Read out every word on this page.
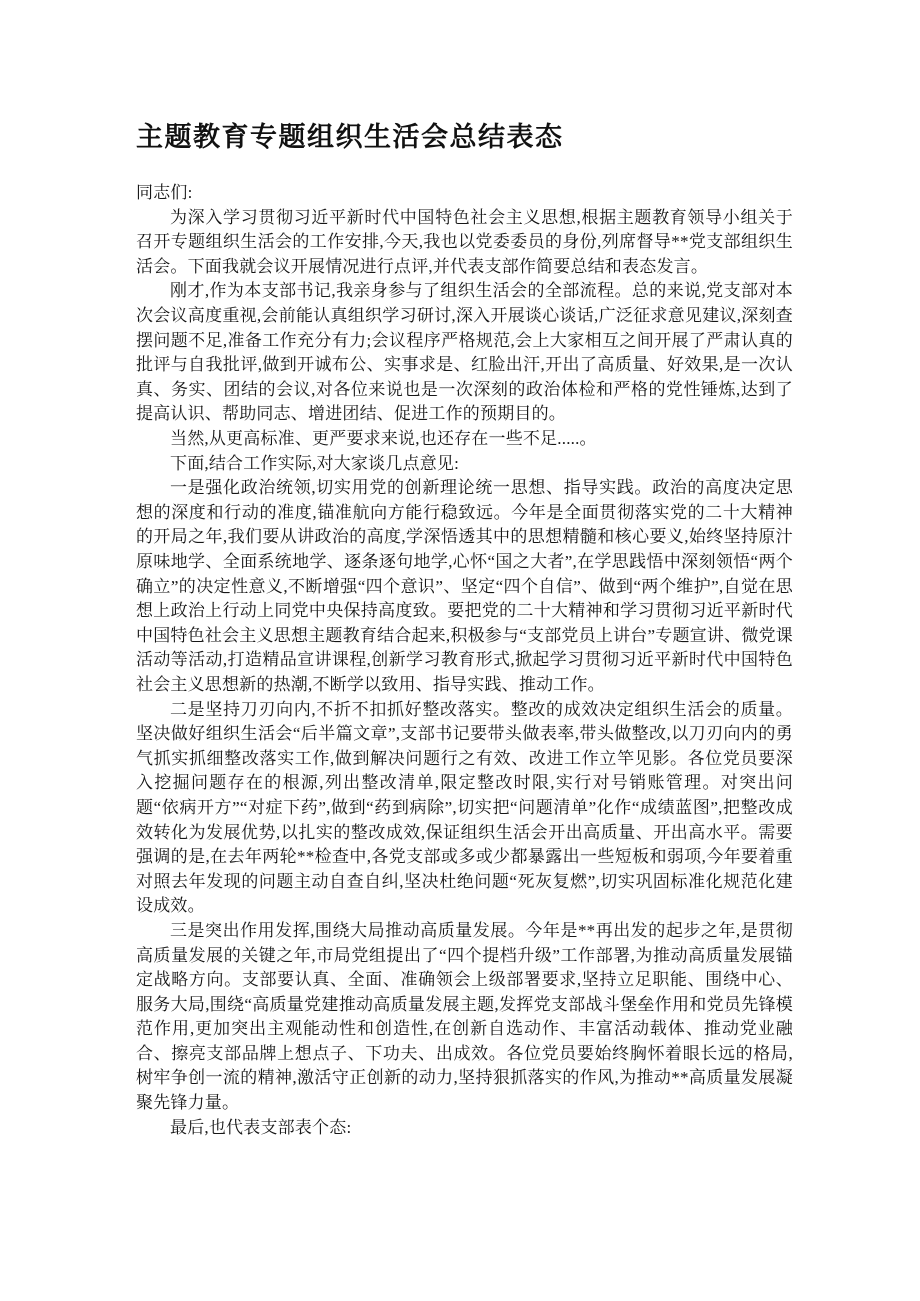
主题教育专题组织生活会总结表态

同志们:

为深入学习贯彻习近平新时代中国特色社会主义思想,根据主题教育领导小组关于召开专题组织生活会的工作安排,今天,我也以党委委员的身份,列席督导**党支部组织生活会。下面我就会议开展情况进行点评,并代表支部作简要总结和表态发言。

刚才,作为本支部书记,我亲身参与了组织生活会的全部流程。总的来说,党支部对本次会议高度重视,会前能认真组织学习研讨,深入开展谈心谈话,广泛征求意见建议,深刻查摆问题不足,准备工作充分有力;会议程序严格规范,会上大家相互之间开展了严肃认真的批评与自我批评,做到开诚布公、实事求是、红脸出汗,开出了高质量、好效果,是一次认真、务实、团结的会议,对各位来说也是一次深刻的政治体检和严格的党性锤炼,达到了提高认识、帮助同志、增进团结、促进工作的预期目的。

当然,从更高标准、更严要求来说,也还存在一些不足.....。

下面,结合工作实际,对大家谈几点意见:

一是强化政治统领,切实用党的创新理论统一思想、指导实践。政治的高度决定思想的深度和行动的准度,锚准航向方能行稳致远。今年是全面贯彻落实党的二十大精神的开局之年,我们要从讲政治的高度,学深悟透其中的思想精髓和核心要义,始终坚持原汁原味地学、全面系统地学、逐条逐句地学,心怀“国之大者”,在学思践悟中深刻领悟“两个确立”的决定性意义,不断增强“四个意识”、坚定“四个自信”、做到“两个维护”,自觉在思想上政治上行动上同党中央保持高度致。要把党的二十大精神和学习贯彻习近平新时代中国特色社会主义思想主题教育结合起来,积极参与“支部党员上讲台”专题宣讲、微党课活动等活动,打造精品宣讲课程,创新学习教育形式,掀起学习贯彻习近平新时代中国特色社会主义思想新的热潮,不断学以致用、指导实践、推动工作。

二是坚持刀刃向内,不折不扣抓好整改落实。整改的成效决定组织生活会的质量。坚决做好组织生活会“后半篇文章”,支部书记要带头做表率,带头做整改,以刀刃向内的勇气抓实抓细整改落实工作,做到解决问题行之有效、改进工作立竿见影。各位党员要深入挖掘问题存在的根源,列出整改清单,限定整改时限,实行对号销账管理。对突出问题“依病开方”“对症下药”,做到“药到病除”,切实把“问题清单”化作“成绩蓝图”,把整改成效转化为发展优势,以扎实的整改成效,保证组织生活会开出高质量、开出高水平。需要强调的是,在去年两轮**检查中,各党支部或多或少都暴露出一些短板和弱项,今年要着重对照去年发现的问题主动自查自纠,坚决杜绝问题“死灰复燃”,切实巩固标准化规范化建设成效。

三是突出作用发挥,围绕大局推动高质量发展。今年是**再出发的起步之年,是贯彻高质量发展的关键之年,市局党组提出了“四个提档升级”工作部署,为推动高质量发展锚定战略方向。支部要认真、全面、准确领会上级部署要求,坚持立足职能、围绕中心、服务大局,围绕“高质量党建推动高质量发展主题,发挥党支部战斗堡垒作用和党员先锋模范作用,更加突出主观能动性和创造性,在创新自选动作、丰富活动载体、推动党业融合、擦亮支部品牌上想点子、下功夫、出成效。各位党员要始终胸怀着眼长远的格局,树牢争创一流的精神,激活守正创新的动力,坚持狠抓落实的作风,为推动**高质量发展凝聚先锋力量。

最后,也代表支部表个态:
